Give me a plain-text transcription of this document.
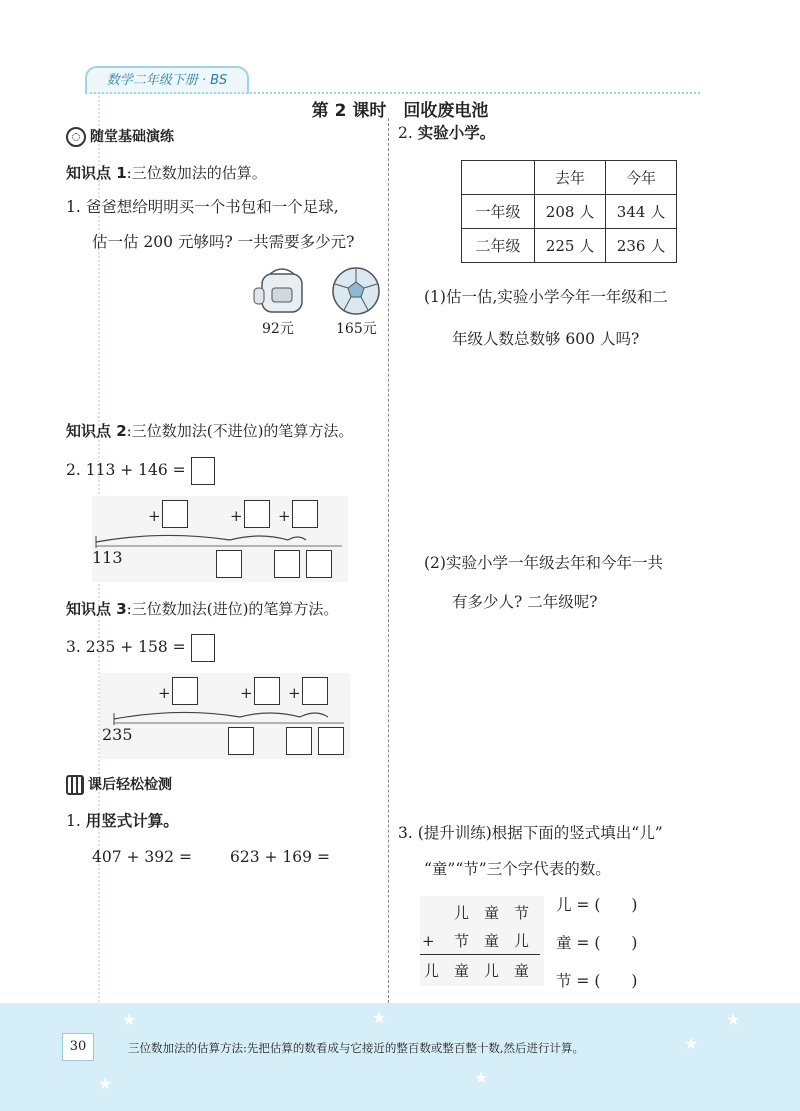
数学二年级下册 · BS
第 2 课时　回收废电池
随堂基础演练
知识点 1:三位数加法的估算。
1. 爸爸想给明明买一个书包和一个足球,
估一估 200 元够吗? 一共需要多少元?
92元	165元
知识点 2:三位数加法(不进位)的笔算方法。
2. 113 + 146 =
+	+ +
113
知识点 3:三位数加法(进位)的笔算方法。
3. 235 + 158 =
+	+ +
235
课后轻松检测
1. 用竖式计算。
407 + 392 = 623 + 169 =
2. 实验小学。
	去年	今年
一年级	208 人	344 人
二年级	225 人	236 人
(1)估一估,实验小学今年一年级和二
年级人数总数够 600 人吗?
(2)实验小学一年级去年和今年一共
有多少人? 二年级呢?
3. (提升训练)根据下面的竖式填出“儿”
“童”“节”三个字代表的数。
儿 童 节
+ 节 童 儿
儿 童 儿 童
儿 = (　　)
童 = (　　)
节 = (　　)
★	★	★
★
★
★
30	三位数加法的估算方法:先把估算的数看成与它接近的整百数或整百整十数,然后进行计算。
